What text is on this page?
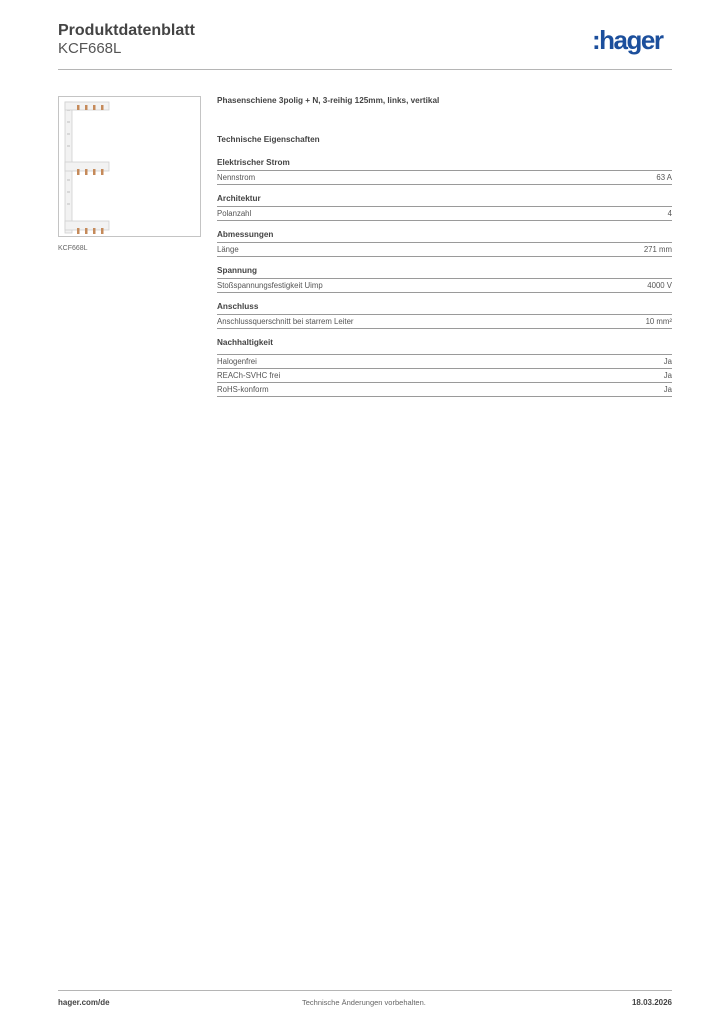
Produktdatenblatt
KCF668L	:hager
KCF668L
Phasenschiene 3polig + N, 3-reihig 125mm, links, vertikal
Technische Eigenschaften
Elektrischer Strom
Nennstrom	63 A
Architektur
Polanzahl	4
Abmessungen
Länge	271 mm
Spannung
Stoßspannungsfestigkeit Uimp	4000 V
Anschluss
Anschlussquerschnitt bei starrem Leiter	10 mm²
Nachhaltigkeit
Halogenfrei	Ja
REACh-SVHC frei	Ja
RoHS-konform	Ja
hager.com/de	Technische Änderungen vorbehalten.	18.03.2026
